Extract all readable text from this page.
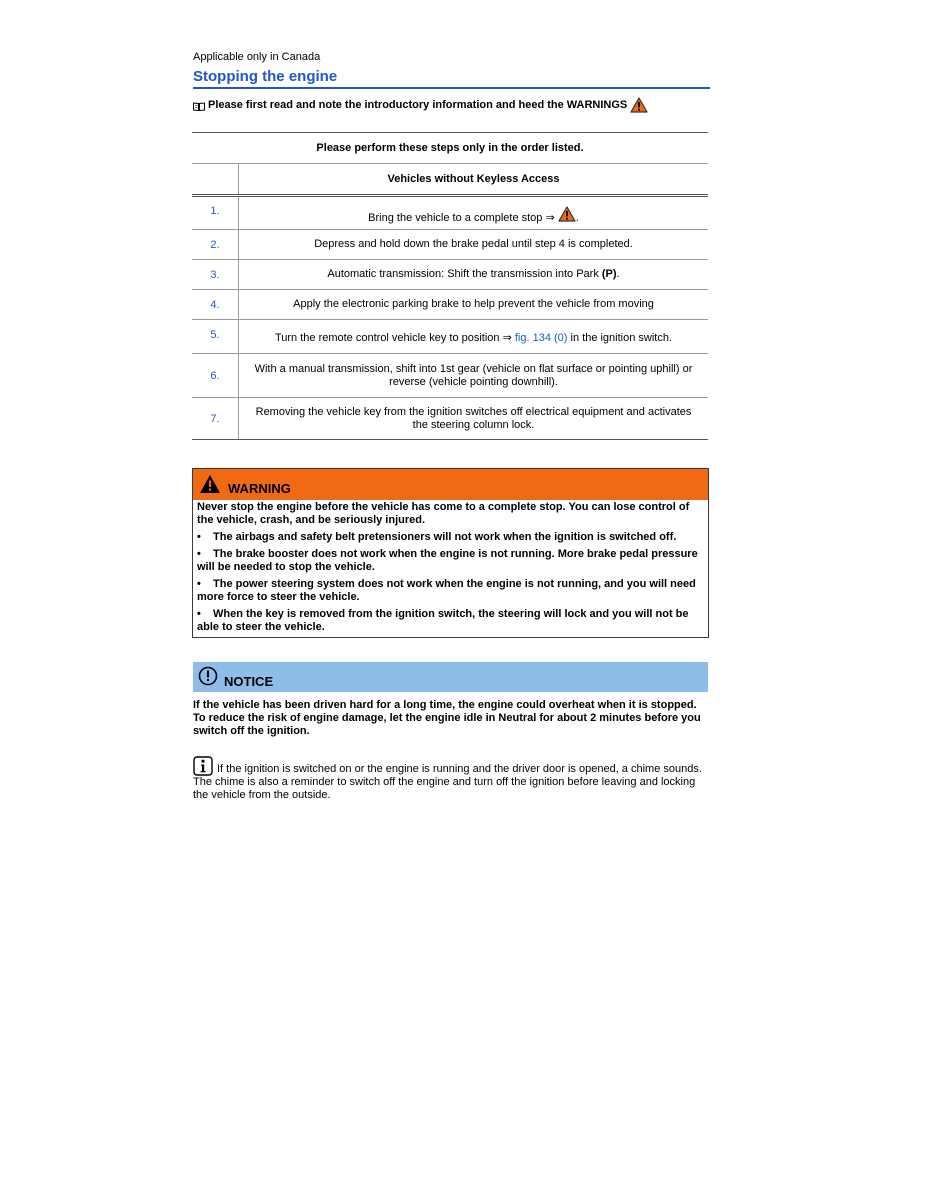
Applicable only in Canada
Stopping the engine
Please first read and note the introductory information and heed the WARNINGS
Please perform these steps only in the order listed.	
	Vehicles without Keyless Access
1.	Bring the vehicle to a complete stop ⇒ .
2.	Depress and hold down the brake pedal until step 4 is completed.
3.	Automatic transmission: Shift the transmission into Park (P).
4.	Apply the electronic parking brake to help prevent the vehicle from moving
5.	Turn the remote control vehicle key to position ⇒ fig. 134 (0) in the ignition switch.
6.	With a manual transmission, shift into 1st gear (vehicle on flat surface or pointing uphill) or reverse (vehicle pointing downhill).
7.	Removing the vehicle key from the ignition switches off electrical equipment and activates the steering column lock.
WARNING

Never stop the engine before the vehicle has come to a complete stop. You can lose control of the vehicle, crash, and be seriously injured.

• The airbags and safety belt pretensioners will not work when the ignition is switched off.

• The brake booster does not work when the engine is not running. More brake pedal pressure will be needed to stop the vehicle.

• The power steering system does not work when the engine is not running, and you will need more force to steer the vehicle.

• When the key is removed from the ignition switch, the steering will lock and you will not be able to steer the vehicle.

NOTICE
If the vehicle has been driven hard for a long time, the engine could overheat when it is stopped. To reduce the risk of engine damage, let the engine idle in Neutral for about 2 minutes before you switch off the ignition.
If the ignition is switched on or the engine is running and the driver door is opened, a chime sounds. The chime is also a reminder to switch off the engine and turn off the ignition before leaving and locking the vehicle from the outside.
